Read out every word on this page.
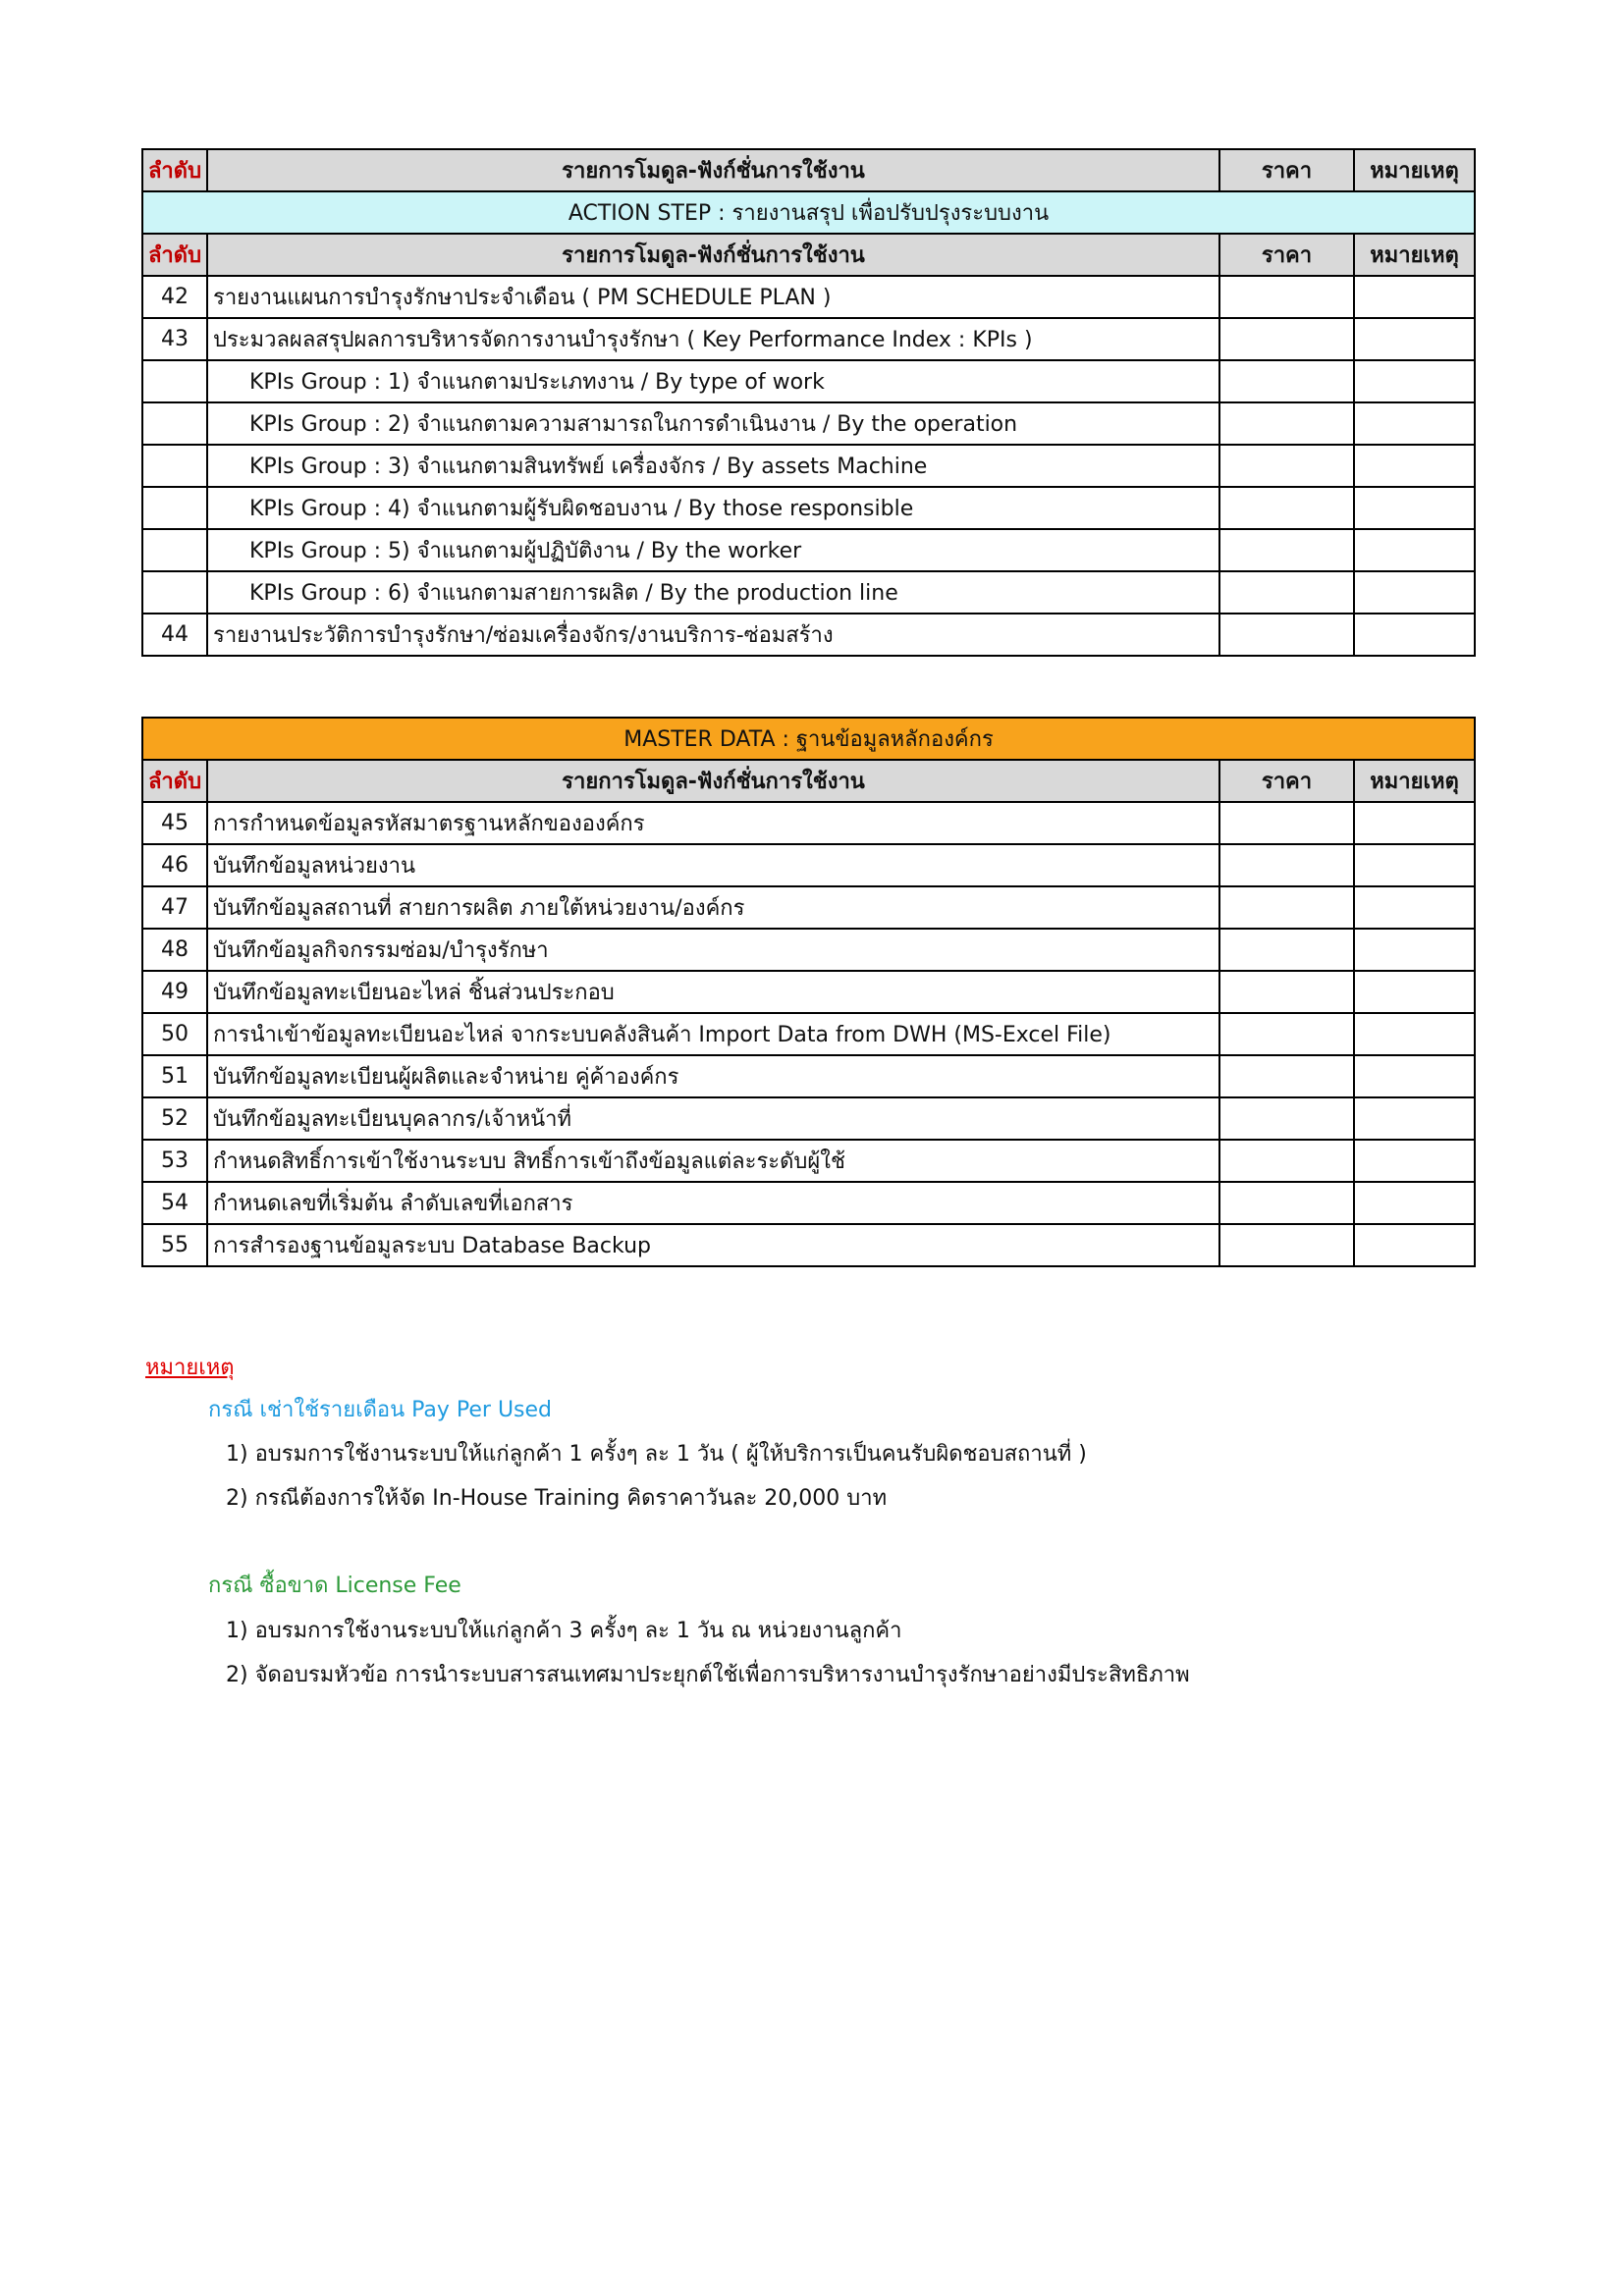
ลำดับ	รายการโมดูล-ฟังก์ชั่นการใช้งาน	ราคา	หมายเหตุ
ACTION STEP : รายงานสรุป เพื่อปรับปรุงระบบงาน			
ลำดับ	รายการโมดูล-ฟังก์ชั่นการใช้งาน	ราคา	หมายเหตุ
42	รายงานแผนการบำรุงรักษาประจำเดือน ( PM SCHEDULE PLAN )		
43	ประมวลผลสรุปผลการบริหารจัดการงานบำรุงรักษา ( Key Performance Index : KPIs )		
	KPIs Group : 1) จำแนกตามประเภทงาน / By type of work		
	KPIs Group : 2) จำแนกตามความสามารถในการดำเนินงาน / By the operation		
	KPIs Group : 3) จำแนกตามสินทรัพย์ เครื่องจักร / By assets Machine		
	KPIs Group : 4) จำแนกตามผู้รับผิดชอบงาน / By those responsible		
	KPIs Group : 5) จำแนกตามผู้ปฏิบัติงาน / By the worker		
	KPIs Group : 6) จำแนกตามสายการผลิต / By the production line		
44	รายงานประวัติการบำรุงรักษา/ซ่อมเครื่องจักร/งานบริการ-ซ่อมสร้าง		
MASTER DATA : ฐานข้อมูลหลักองค์กร			
ลำดับ	รายการโมดูล-ฟังก์ชั่นการใช้งาน	ราคา	หมายเหตุ
45	การกำหนดข้อมูลรหัสมาตรฐานหลักขององค์กร		
46	บันทึกข้อมูลหน่วยงาน		
47	บันทึกข้อมูลสถานที่ สายการผลิต ภายใต้หน่วยงาน/องค์กร		
48	บันทึกข้อมูลกิจกรรมซ่อม/บำรุงรักษา		
49	บันทึกข้อมูลทะเบียนอะไหล่ ชิ้นส่วนประกอบ		
50	การนำเข้าข้อมูลทะเบียนอะไหล่ จากระบบคลังสินค้า Import Data from DWH (MS-Excel File)		
51	บันทึกข้อมูลทะเบียนผู้ผลิตและจำหน่าย คู่ค้าองค์กร		
52	บันทึกข้อมูลทะเบียนบุคลากร/เจ้าหน้าที่		
53	กำหนดสิทธิ์การเข้าใช้งานระบบ สิทธิ์การเข้าถึงข้อมูลแต่ละระดับผู้ใช้		
54	กำหนดเลขที่เริ่มต้น ลำดับเลขที่เอกสาร		
55	การสำรองฐานข้อมูลระบบ Database Backup		
หมายเหตุ
กรณี เช่าใช้รายเดือน Pay Per Used
1) อบรมการใช้งานระบบให้แก่ลูกค้า 1 ครั้งๆ ละ 1 วัน ( ผู้ให้บริการเป็นคนรับผิดชอบสถานที่ )
2) กรณีต้องการให้จัด In-House Training คิดราคาวันละ 20,000 บาท
กรณี ซื้อขาด License Fee
1) อบรมการใช้งานระบบให้แก่ลูกค้า 3 ครั้งๆ ละ 1 วัน ณ หน่วยงานลูกค้า
2) จัดอบรมหัวข้อ การนำระบบสารสนเทศมาประยุกต์ใช้เพื่อการบริหารงานบำรุงรักษาอย่างมีประสิทธิภาพ
